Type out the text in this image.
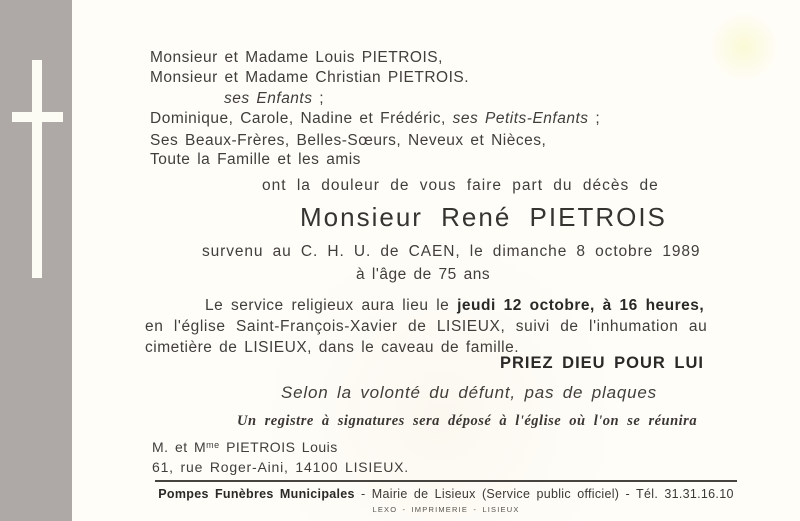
Monsieur et Madame Louis PIETROIS,
Monsieur et Madame Christian PIETROIS.
ses Enfants ;
Dominique, Carole, Nadine et Frédéric, ses Petits-Enfants ;
Ses Beaux-Frères, Belles-Sœurs, Neveux et Nièces,
Toute la Famille et les amis
ont la douleur de vous faire part du décès de
Monsieur René PIETROIS
survenu au C. H. U. de CAEN, le dimanche 8 octobre 1989
à l'âge de 75 ans
Le service religieux aura lieu le jeudi 12 octobre, à 16 heures,
en l'église Saint-François-Xavier de LISIEUX, suivi de l'inhumation au
cimetière de LISIEUX, dans le caveau de famille.
PRIEZ DIEU POUR LUI
Selon la volonté du défunt, pas de plaques
Un registre à signatures sera déposé à l'église où l'on se réunira
M. et $M^{me}$ PIETROIS Louis
61, rue Roger-Aini, 14100 LISIEUX.
Pompes Funèbres Municipales - Mairie de Lisieux (Service public officiel) - Tél. 31.31.16.10
LEXO - IMPRIMERIE - LISIEUX
